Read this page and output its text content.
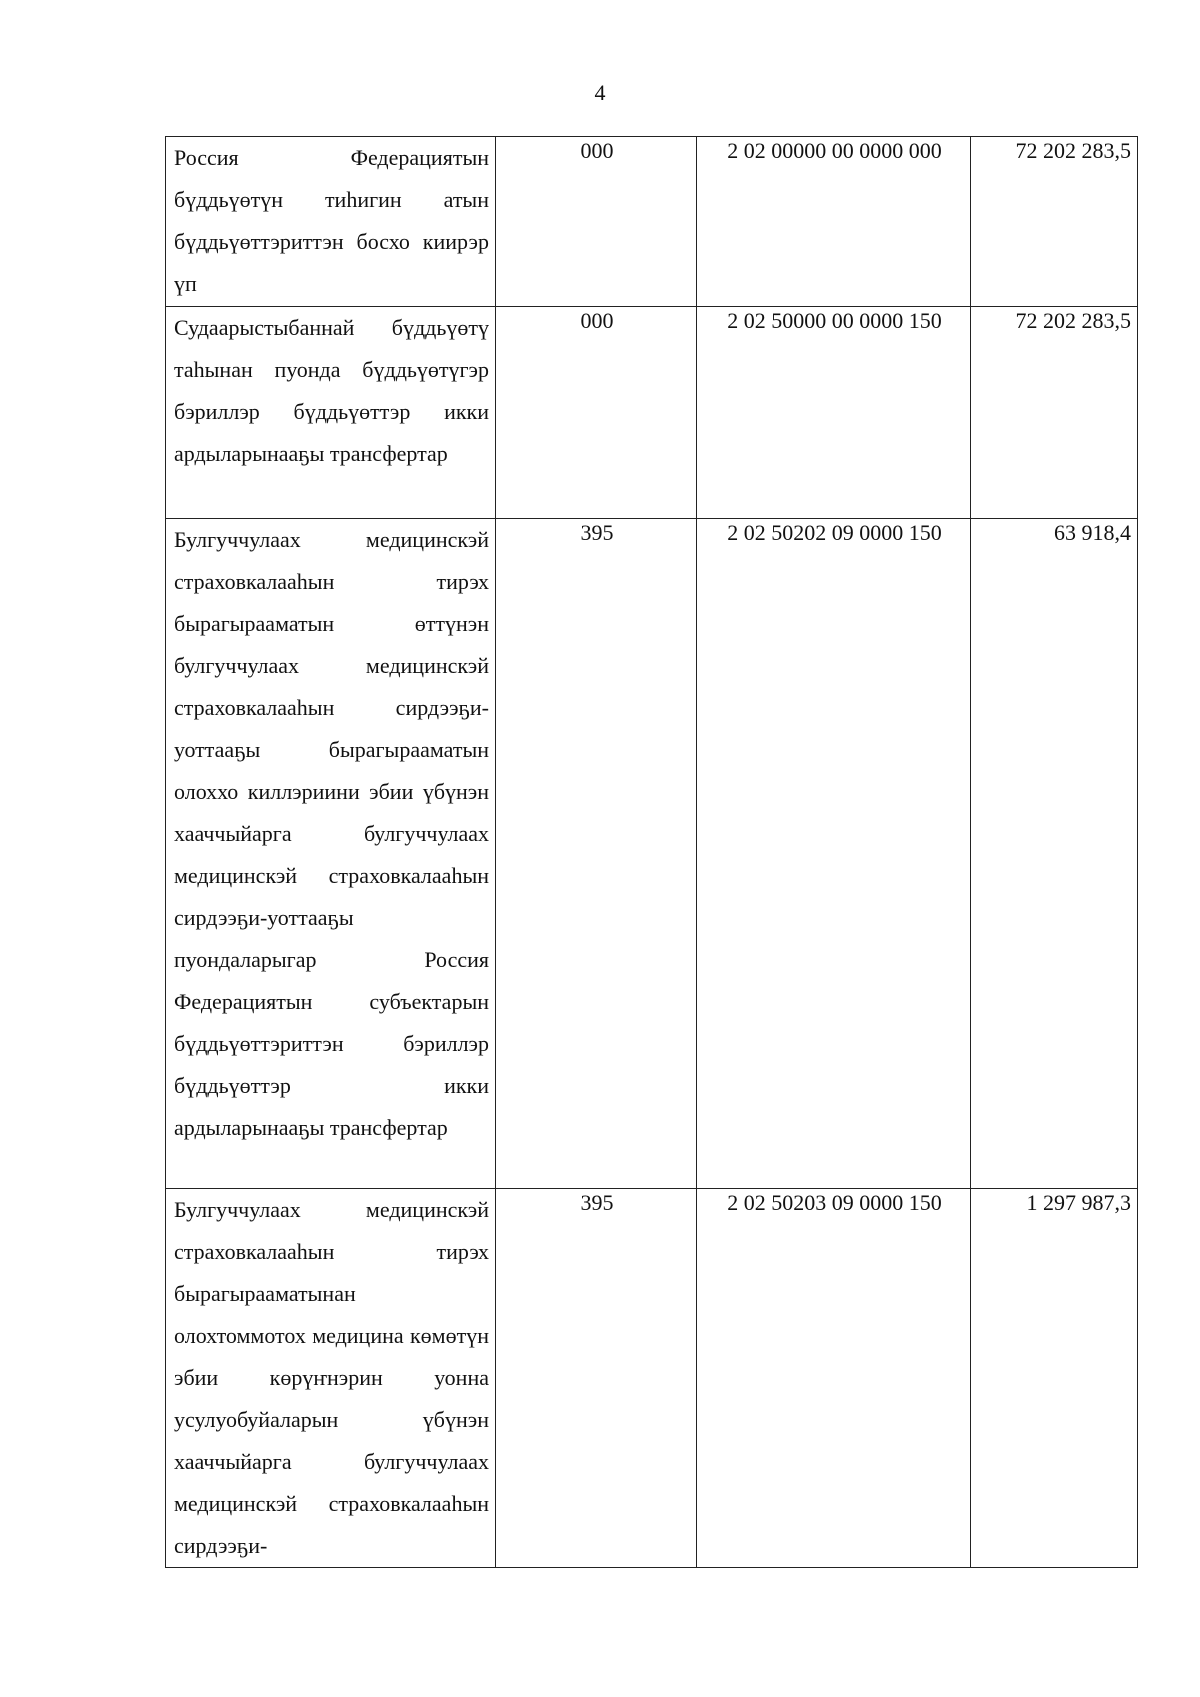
4
Россия Федерациятын бүддьүөтүн тиһигин атын бүддьүөттэриттэн босхо киирэр үп	000	2 02 00000 00 0000 000	72 202 283,5
Судаарыстыбаннай бүддьүөтү таһынан пуонда бүддьүөтүгэр бэриллэр бүддьүөттэр икки ардыларынааҕы трансфертар	000	2 02 50000 00 0000 150	72 202 283,5
Булгуччулаах медицинскэй страховкалааһын тирэх бырагырааматын өттүнэн булгуччулаах медицинскэй страховкалааһын сирдээҕи-уоттааҕы бырагырааматын олоххо киллэриини эбии үбүнэн хааччыйарга булгуччулаах медицинскэй страховкалааһын сирдээҕи-уоттааҕы пуондаларыгар Россия Федерациятын субъектарын бүддьүөттэриттэн бэриллэр бүддьүөттэр икки ардыларынааҕы трансфертар	395	2 02 50202 09 0000 150	63 918,4
Булгуччулаах медицинскэй страховкалааһын тирэх бырагырааматынан олохтоммотох медицина көмөтүн эбии көрүҥнэрин уонна усулуобуйаларын үбүнэн хааччыйарга булгуччулаах медицинскэй страховкалааһын сирдээҕи-	395	2 02 50203 09 0000 150	1 297 987,3
